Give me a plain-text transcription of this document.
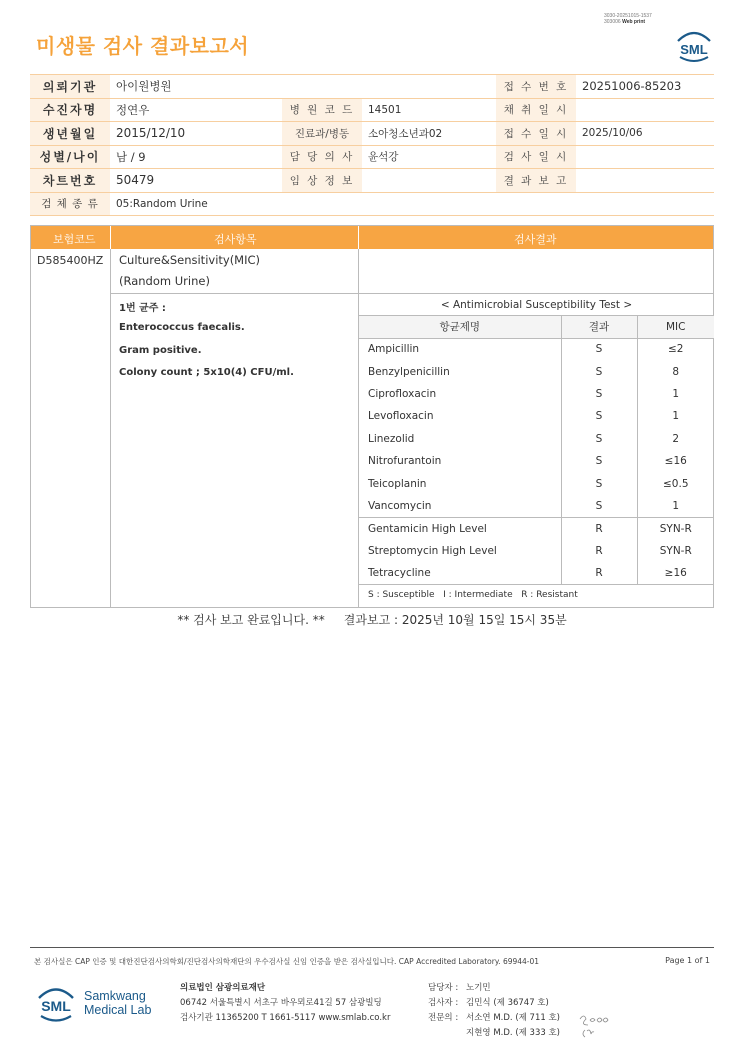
3030-20251015-1537
303006 Web print
미생물 검사 결과보고서	SML
의뢰기관	아이원병원			접 수 번 호	20251006-85203
수진자명	정연우	병 원 코 드	14501	채 취 일 시	
생년월일	2015/12/10	진료과/병동	소아청소년과02	접 수 일 시	2025/10/06
성별/나이	남 / 9	담 당 의 사	윤석강	검 사 일 시	
차트번호	50479	임 상 정 보		결 과 보 고	
검 체 종 류	05:Random Urine				
보험코드	검사항목	검사결과
D585400HZ Culture&Sensitivity(MIC)
(Random Urine)
1번 균주 :
Enterococcus faecalis.
Gram positive.
Colony count ; 5x10(4) CFU/ml.
< Antimicrobial Susceptibility Test >
항균제명	결과	MIC
Ampicillin	S	≤2
Benzylpenicillin	S	8
Ciprofloxacin	S	1
Levofloxacin	S	1
Linezolid	S	2
Nitrofurantoin	S	≤16
Teicoplanin	S	≤0.5
Vancomycin	S	1
Gentamicin High Level	R	SYN-R
Streptomycin High Level	R	SYN-R
Tetracycline	R	≥16
S : Susceptible   I : Intermediate   R : Resistant		
** 검사 보고 완료입니다. ** 결과보고 : 2025년 10월 15일 15시 35분
본 검사실은 CAP 인증 및 대한진단검사의학회/진단검사의학재단의 우수검사실 신임 인증을 받은 검사실입니다. CAP Accredited Laboratory. 69944-01	Page 1 of 1
SML
Samkwang
Medical Lab
의료법인 삼광의료재단
06742 서울특별시 서초구 바우뫼로41길 57 삼광빌딩
검사기관 11365200 T 1661-5117 www.smlab.co.kr
담당자 : 노기민
검사자 : 김민식 (제 36747 호)
전문의 : 서소연 M.D. (제 711 호)
지현영 M.D. (제 333 호)
